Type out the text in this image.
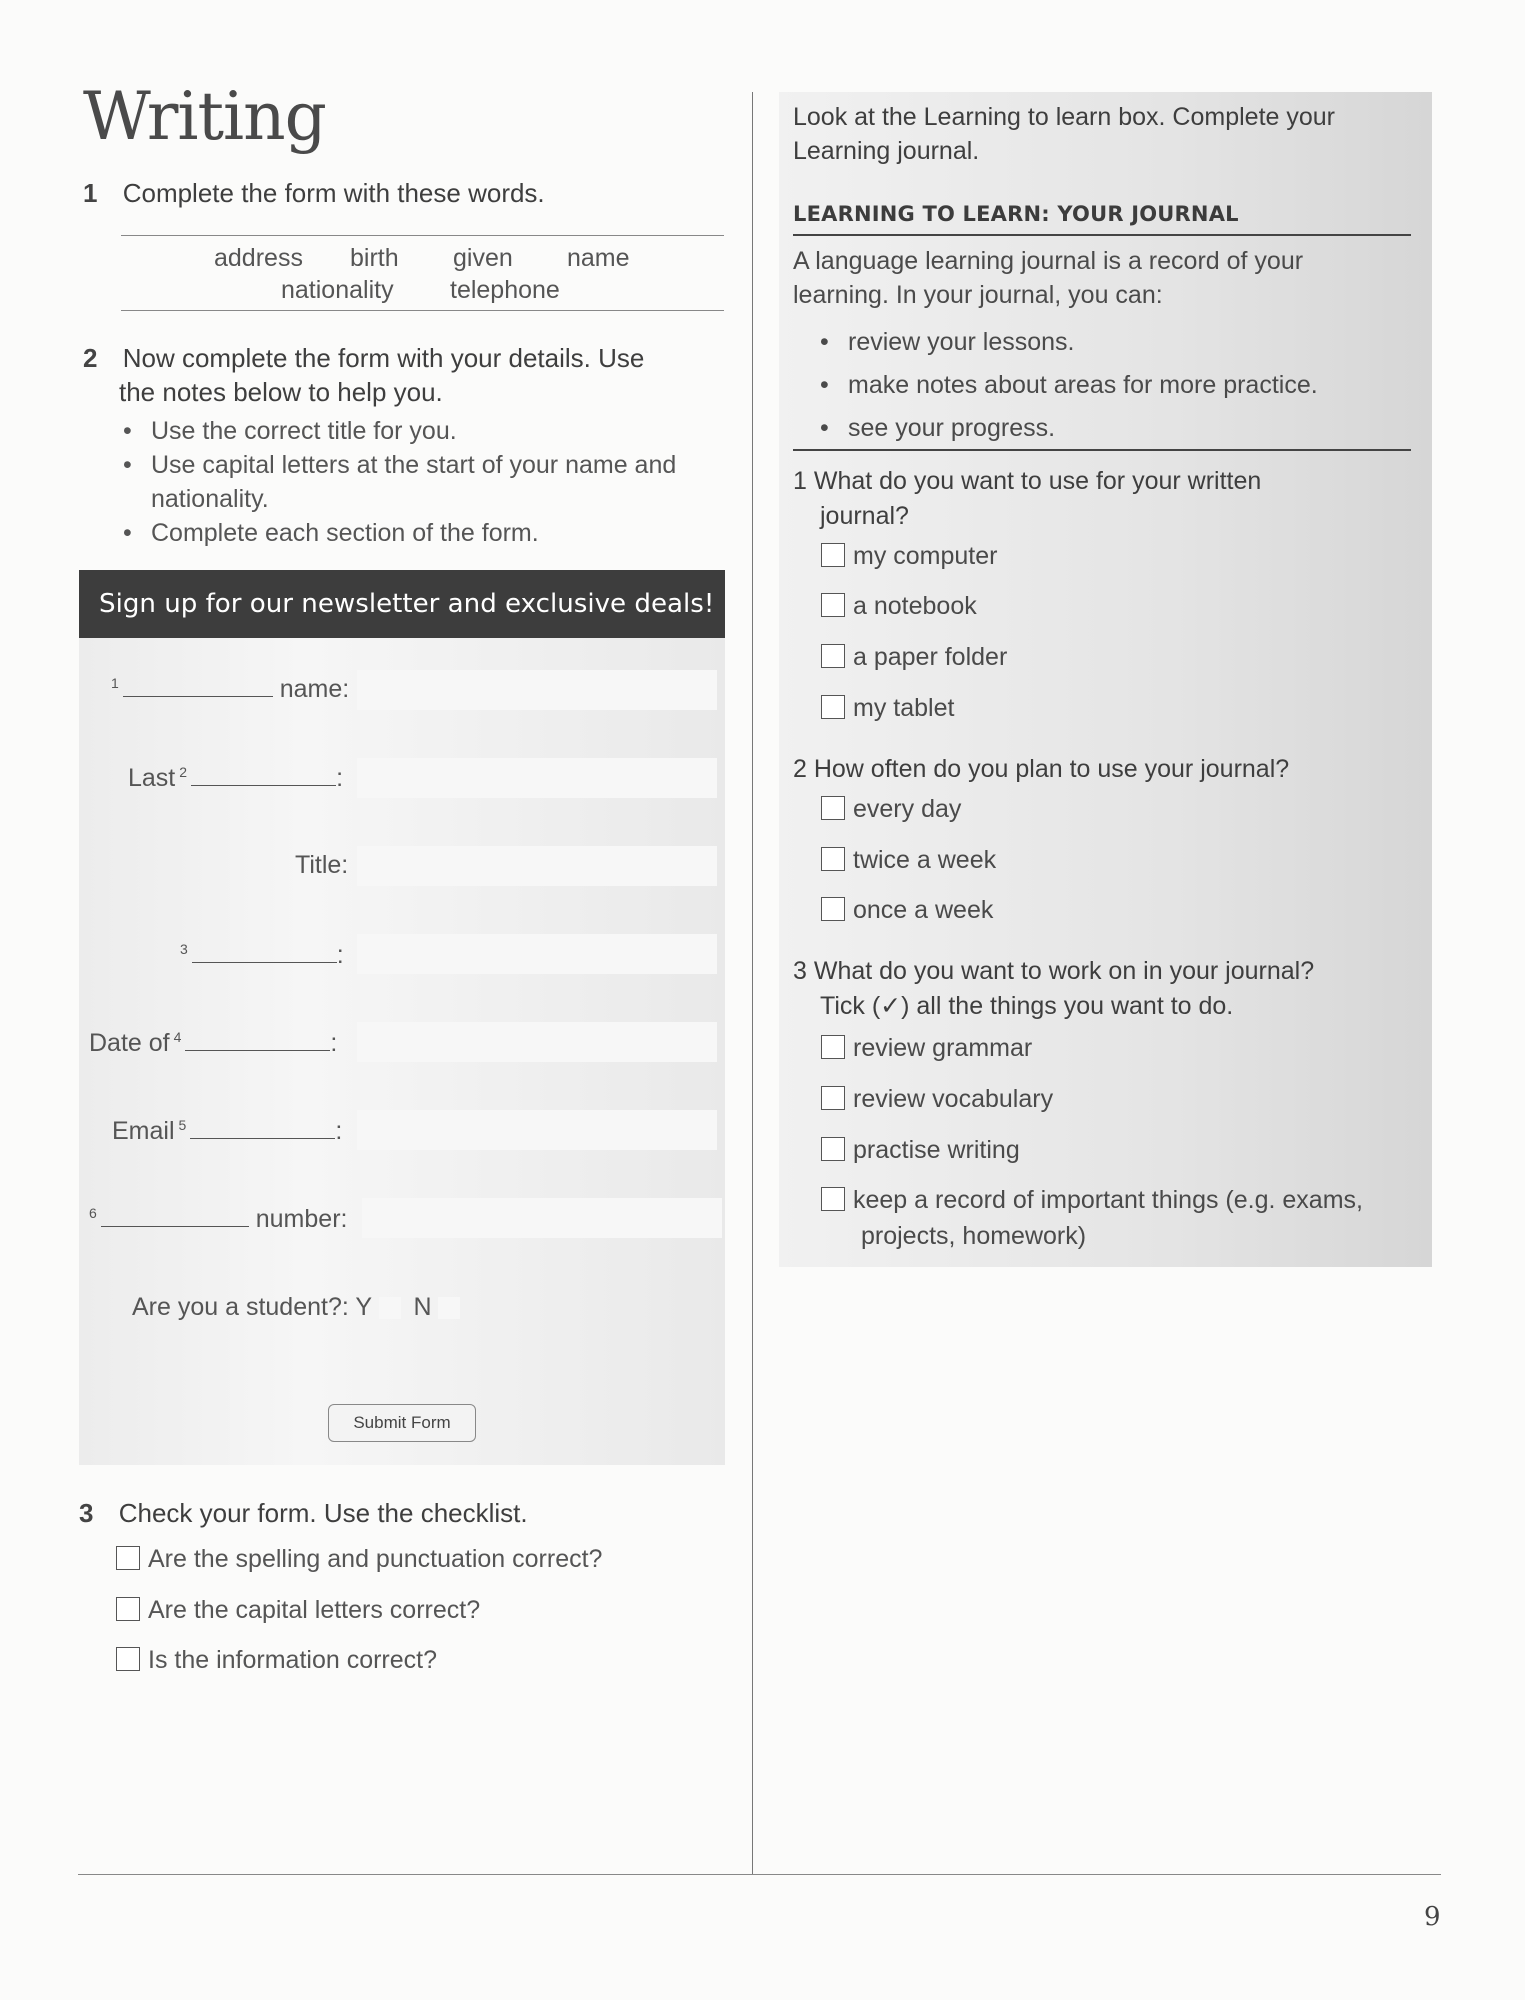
Writing
1 Complete the form with these words.
address birth given name
nationality telephone
2 Now complete the form with your details. Use
the notes below to help you.
• Use the correct title for you.
• Use capital letters at the start of your name and
nationality.
• Complete each section of the form.
Sign up for our newsletter and exclusive deals!
$^1$	name:
Last $^2$	:
Title:
$^3$	:
Date of $^4$	:
Email $^5$	:
$^6$	number:
Are you a student?: Y N
Submit Form
3 Check your form. Use the checklist.
Are the spelling and punctuation correct?
Are the capital letters correct?
Is the information correct?
Look at the Learning to learn box. Complete your
Learning journal.
LEARNING TO LEARN: YOUR JOURNAL
A language learning journal is a record of your
learning. In your journal, you can:
• review your lessons.
• make notes about areas for more practice.
• see your progress.
1 What do you want to use for your written
journal?
my computer
a notebook
a paper folder
my tablet
2 How often do you plan to use your journal?
every day
twice a week
once a week
3 What do you want to work on in your journal?
Tick (✓) all the things you want to do.
review grammar
review vocabulary
practise writing
keep a record of important things (e.g. exams,
projects, homework)
9
